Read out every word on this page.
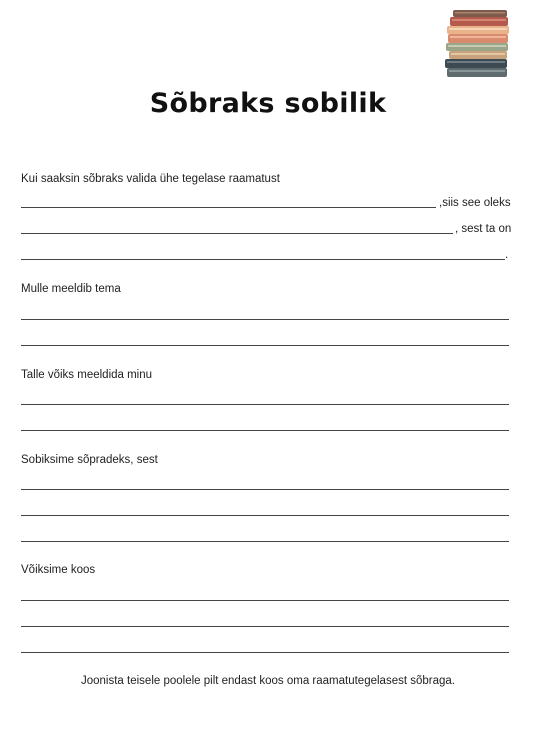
Sõbraks sobilik
Kui saaksin sõbraks valida ühe tegelase raamatust
,siis see oleks
, sest ta on
.
Mulle meeldib tema
Talle võiks meeldida minu
Sobiksime sõpradeks, sest
Võiksime koos
Joonista teisele poolele pilt endast koos oma raamatutegelasest sõbraga.
